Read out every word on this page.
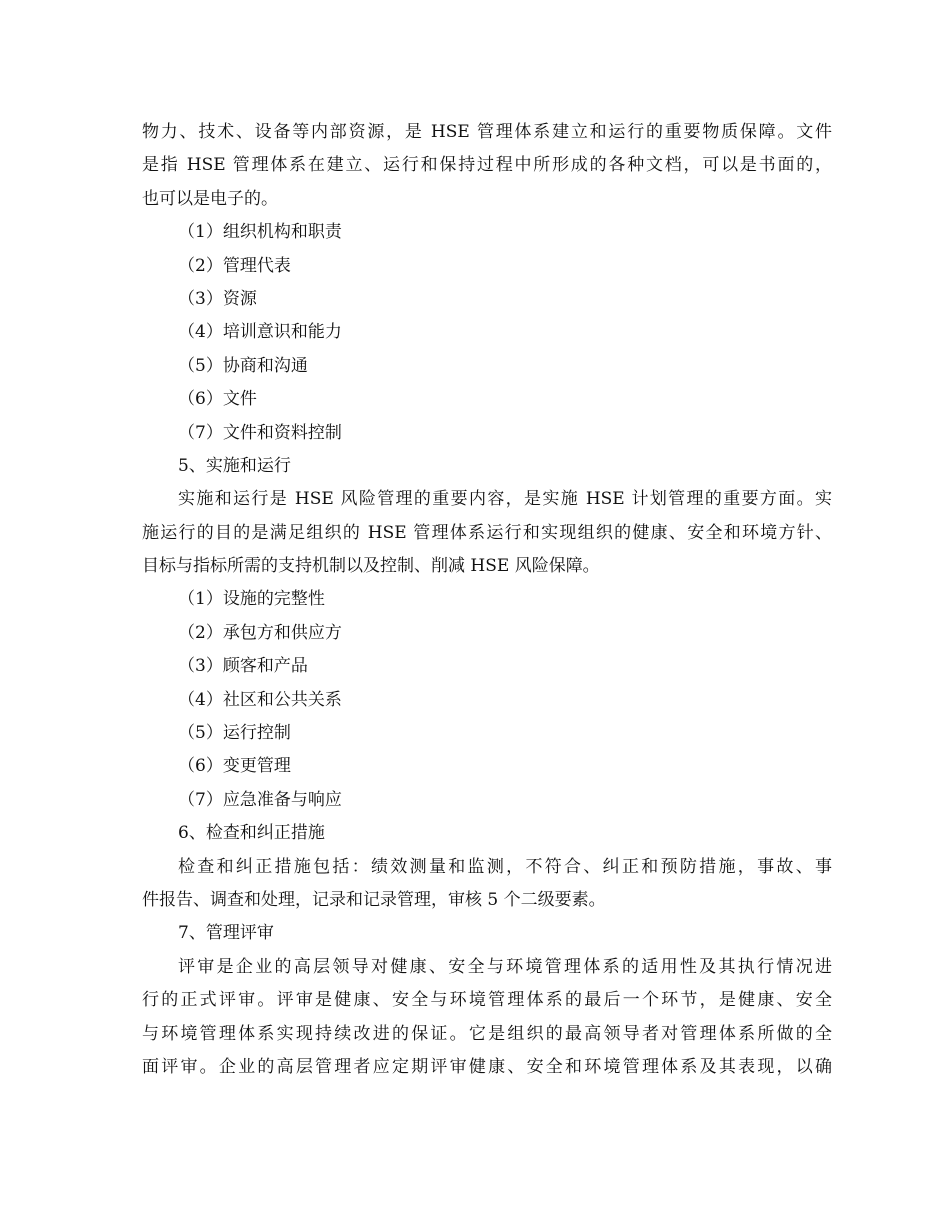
物力、技术、设备等内部资源，是 HSE 管理体系建立和运行的重要物质保障。文件
是指 HSE 管理体系在建立、运行和保持过程中所形成的各种文档，可以是书面的，
也可以是电子的。
（1）组织机构和职责
（2）管理代表
（3）资源
（4）培训意识和能力
（5）协商和沟通
（6）文件
（7）文件和资料控制
5、实施和运行
实施和运行是 HSE 风险管理的重要内容，是实施 HSE 计划管理的重要方面。实
施运行的目的是满足组织的 HSE 管理体系运行和实现组织的健康、安全和环境方针、
目标与指标所需的支持机制以及控制、削减 HSE 风险保障。
（1）设施的完整性
（2）承包方和供应方
（3）顾客和产品
（4）社区和公共关系
（5）运行控制
（6）变更管理
（7）应急准备与响应
6、检查和纠正措施
检查和纠正措施包括：绩效测量和监测，不符合、纠正和预防措施，事故、事
件报告、调查和处理，记录和记录管理，审核 5 个二级要素。
7、管理评审
评审是企业的高层领导对健康、安全与环境管理体系的适用性及其执行情况进
行的正式评审。评审是健康、安全与环境管理体系的最后一个环节，是健康、安全
与环境管理体系实现持续改进的保证。它是组织的最高领导者对管理体系所做的全
面评审。企业的高层管理者应定期评审健康、安全和环境管理体系及其表现，以确
